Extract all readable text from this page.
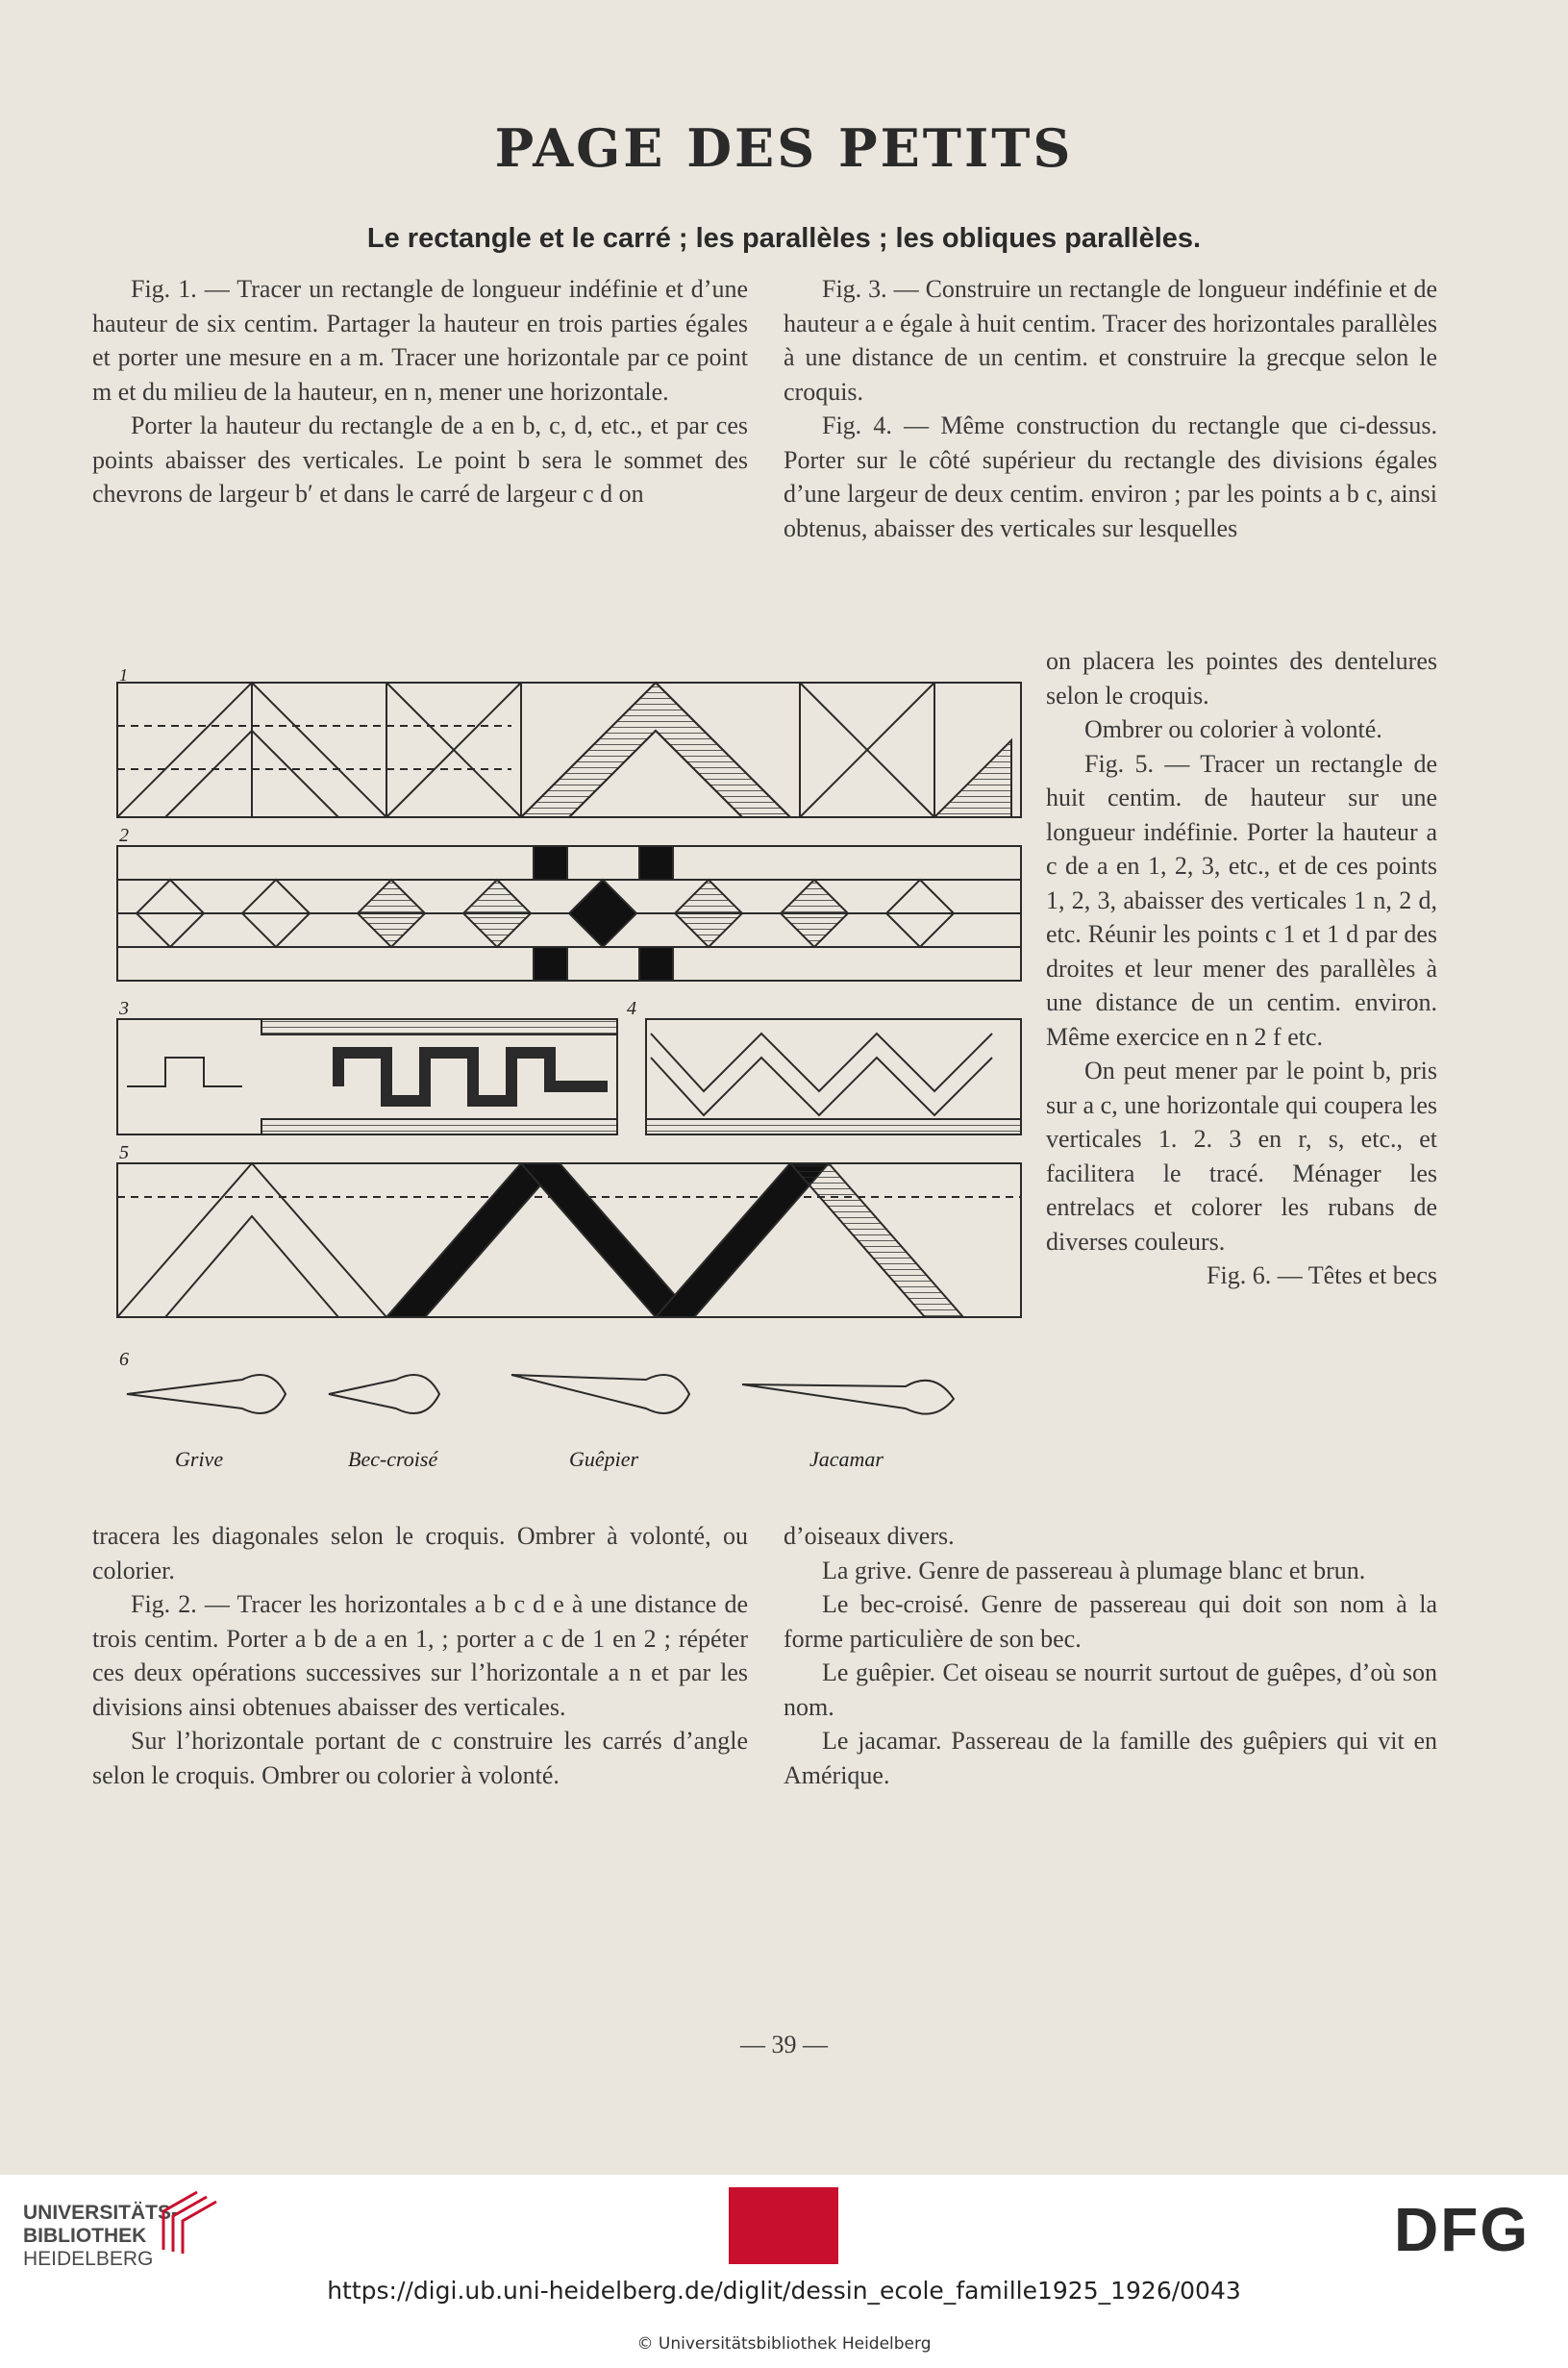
PAGE DES PETITS
Le rectangle et le carré ; les parallèles ; les obliques parallèles.

Fig. 1. — Tracer un rectangle de longueur indéfinie et d’une hauteur de six centim. Partager la hauteur en trois parties égales et porter une mesure en a m. Tracer une horizontale par ce point m et du milieu de la hauteur, en n, mener une horizontale.

Porter la hauteur du rectangle de a en b, c, d, etc., et par ces points abaisser des verticales. Le point b sera le sommet des chevrons de largeur b′ et dans le carré de largeur c d on

Fig. 3. — Construire un rectangle de longueur indéfinie et de hauteur a e égale à huit centim. Tracer des horizontales parallèles à une distance de un centim. et construire la grecque selon le croquis.

Fig. 4. — Même construction du rectangle que ci-dessus. Porter sur le côté supérieur du rectangle des divisions égales d’une largeur de deux centim. environ ; par les points a b c, ainsi obtenus, abaisser des verticales sur lesquelles

on placera les pointes des dentelures selon le croquis.

Ombrer ou colorier à volonté.

Fig. 5. — Tracer un rectangle de huit centim. de hauteur sur une longueur indéfinie. Porter la hauteur a c de a en 1, 2, 3, etc., et de ces points 1, 2, 3, abaisser des verticales 1 n, 2 d, etc. Réunir les points c 1 et 1 d par des droites et leur mener des parallèles à une distance de un centim. environ. Même exercice en n 2 f etc.

On peut mener par le point b, pris sur a c, une horizontale qui coupera les verticales 1. 2. 3 en r, s, etc., et facilitera le tracé. Ménager les entrelacs et colorer les rubans de diverses couleurs.

Fig. 6. — Têtes et becs

2
3	4
5
6
Grive	Bec-croisé	Guêpier	Jacamar
1

tracera les diagonales selon le croquis. Ombrer à volonté, ou colorier.

Fig. 2. — Tracer les horizontales a b c d e à une distance de trois centim. Porter a b de a en 1, ; porter a c de 1 en 2 ; répéter ces deux opérations successives sur l’horizontale a n et par les divisions ainsi obtenues abaisser des verticales.

Sur l’horizontale portant de c construire les carrés d’angle selon le croquis. Ombrer ou colorier à volonté.

d’oiseaux divers.

La grive. Genre de passereau à plumage blanc et brun.

Le bec-croisé. Genre de passereau qui doit son nom à la forme particulière de son bec.

Le guêpier. Cet oiseau se nourrit surtout de guêpes, d’où son nom.

Le jacamar. Passereau de la famille des guêpiers qui vit en Amérique.

— 39 —
UNIVERSITÄTS-
BIBLIOTHEK
HEIDELBERG	DFG
https://digi.ub.uni-heidelberg.de/diglit/dessin_ecole_famille1925_1926/0043
© Universitätsbibliothek Heidelberg
